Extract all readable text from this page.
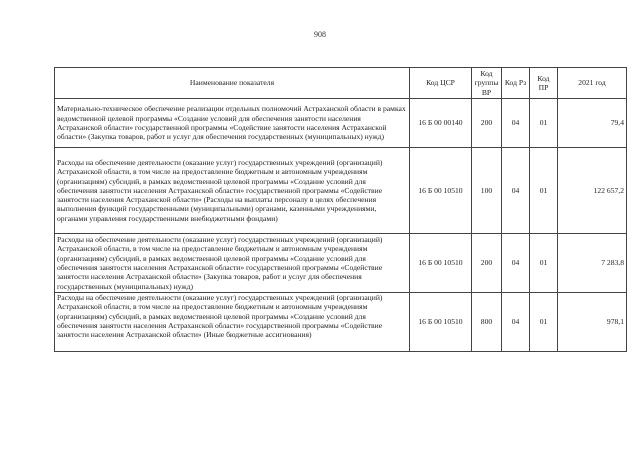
908
Наименование показателя	Код ЦСР	Код группы ВР	Код Рз	Код ПР	2021 год
Материально-техническое обеспечение реализации отдельных полномочий Астраханской области в рамках ведомственной целевой программы «Создание условий для обеспечения занятости населения Астраханской области» государственной программы «Содействие занятости населения Астраханской области» (Закупка товаров, работ и услуг для обеспечения государственных (муниципальных) нужд)	16 Б 00 00140	200	04	01	79,4
Расходы на обеспечение деятельности (оказание услуг) государственных учреждений (организаций) Астраханской области, в том числе на предоставление бюджетным и автономным учреждениям (организациям) субсидий, в рамках ведомственной целевой программы «Создание условий для обеспечения занятости населения Астраханской области» государственной программы «Содействие занятости населения Астраханской области» (Расходы на выплаты персоналу в целях обеспечения выполнения функций государственными (муниципальными) органами, казенными учреждениями, органами управления государственными внебюджетными фондами)	16 Б 00 10510	100	04	01	122 657,2
Расходы на обеспечение деятельности (оказание услуг) государственных учреждений (организаций) Астраханской области, в том числе на предоставление бюджетным и автономным учреждениям (организациям) субсидий, в рамках ведомственной целевой программы «Создание условий для обеспечения занятости населения Астраханской области» государственной программы «Содействие занятости населения Астраханской области» (Закупка товаров, работ и услуг для обеспечения государственных (муниципальных) нужд)	16 Б 00 10510	200	04	01	7 283,8
Расходы на обеспечение деятельности (оказание услуг) государственных учреждений (организаций) Астраханской области, в том числе на предоставление бюджетным и автономным учреждениям (организациям) субсидий, в рамках ведомственной целевой программы «Создание условий для обеспечения занятости населения Астраханской области» государственной программы «Содействие занятости населения Астраханской области» (Иные бюджетные ассигнования)	16 Б 00 10510	800	04	01	978,1
